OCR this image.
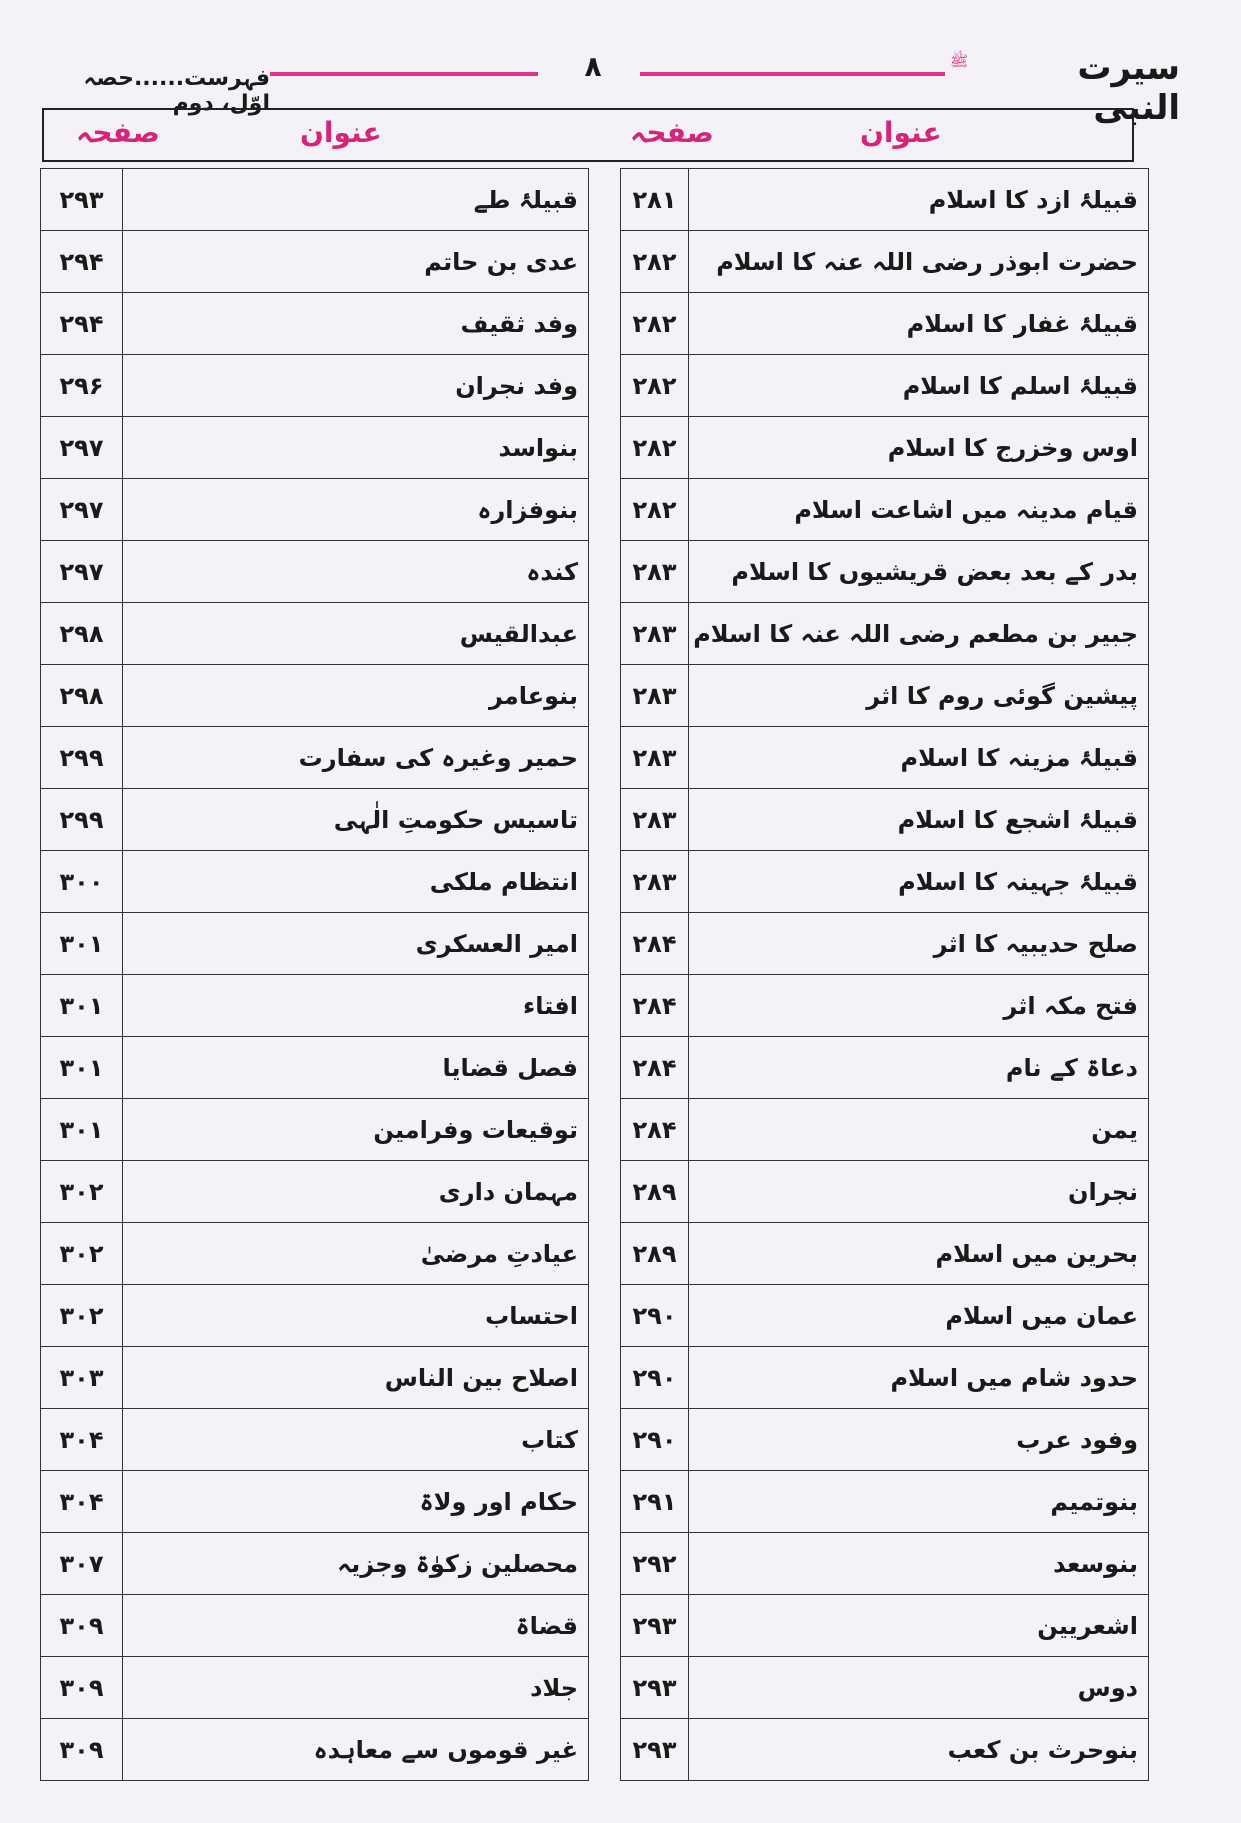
سیرت النبی
ﷺ
۸
فہرست......حصہ اوّل، دوم
عنوان
صفحہ
عنوان
صفحہ
۲۸۱	قبیلۂ ازد کا اسلام
۲۸۲	حضرت ابوذر رضی اللہ عنہ کا اسلام
۲۸۲	قبیلۂ غفار کا اسلام
۲۸۲	قبیلۂ اسلم کا اسلام
۲۸۲	اوس وخزرج کا اسلام
۲۸۲	قیام مدینہ میں اشاعت اسلام
۲۸۳	بدر کے بعد بعض قریشیوں کا اسلام
۲۸۳	جبیر بن مطعم رضی اللہ عنہ کا اسلام
۲۸۳	پیشین گوئی روم کا اثر
۲۸۳	قبیلۂ مزینہ کا اسلام
۲۸۳	قبیلۂ اشجع کا اسلام
۲۸۳	قبیلۂ جہینہ کا اسلام
۲۸۴	صلح حدیبیہ کا اثر
۲۸۴	فتح مکہ اثر
۲۸۴	دعاۃ کے نام
۲۸۴	یمن
۲۸۹	نجران
۲۸۹	بحرین میں اسلام
۲۹۰	عمان میں اسلام
۲۹۰	حدود شام میں اسلام
۲۹۰	وفود عرب
۲۹۱	بنوتمیم
۲۹۲	بنوسعد
۲۹۳	اشعریین
۲۹۳	دوس
۲۹۳	بنوحرث بن کعب
۲۹۳	قبیلۂ طے
۲۹۴	عدی بن حاتم
۲۹۴	وفد ثقیف
۲۹۶	وفد نجران
۲۹۷	بنواسد
۲۹۷	بنوفزارہ
۲۹۷	کندہ
۲۹۸	عبدالقیس
۲۹۸	بنوعامر
۲۹۹	حمیر وغیرہ کی سفارت
۲۹۹	تاسیس حکومتِ الٰہی
۳۰۰	انتظام ملکی
۳۰۱	امیر العسکری
۳۰۱	افتاء
۳۰۱	فصل قضایا
۳۰۱	توقیعات وفرامین
۳۰۲	مہمان داری
۳۰۲	عیادتِ مرضیٰ
۳۰۲	احتساب
۳۰۳	اصلاح بین الناس
۳۰۴	کتاب
۳۰۴	حکام اور ولاۃ
۳۰۷	محصلین زکوٰۃ وجزیہ
۳۰۹	قضاۃ
۳۰۹	جلاد
۳۰۹	غیر قوموں سے معاہدہ
